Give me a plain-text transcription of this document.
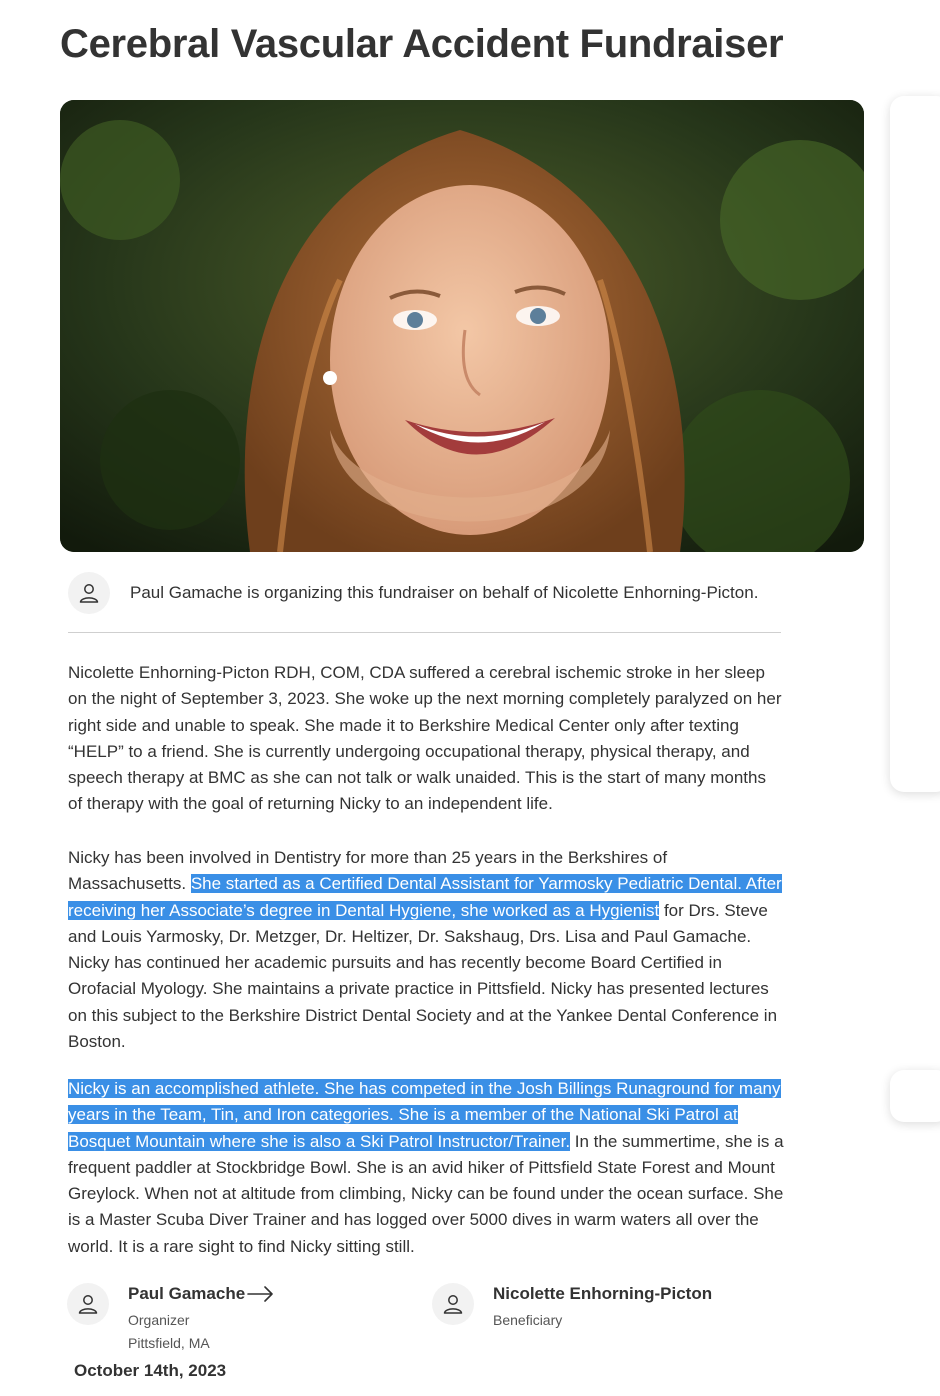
Cerebral Vascular Accident Fundraiser
Paul Gamache is organizing this fundraiser on behalf of Nicolette Enhorning-Picton.

Nicolette Enhorning-Picton RDH, COM, CDA suffered a cerebral ischemic stroke in her sleep on the night of September 3, 2023. She woke up the next morning completely paralyzed on her right side and unable to speak. She made it to Berkshire Medical Center only after texting “HELP” to a friend. She is currently undergoing occupational therapy, physical therapy, and speech therapy at BMC as she can not talk or walk unaided. This is the start of many months of therapy with the goal of returning Nicky to an independent life.

Nicky has been involved in Dentistry for more than 25 years in the Berkshires of Massachusetts. She started as a Certified Dental Assistant for Yarmosky Pediatric Dental. After receiving her Associate’s degree in Dental Hygiene, she worked as a Hygienist for Drs. Steve and Louis Yarmosky, Dr. Metzger, Dr. Heltizer, Dr. Sakshaug, Drs. Lisa and Paul Gamache. Nicky has continued her academic pursuits and has recently become Board Certified in Orofacial Myology. She maintains a private practice in Pittsfield. Nicky has presented lectures on this subject to the Berkshire District Dental Society and at the Yankee Dental Conference in Boston.

Nicky is an accomplished athlete. She has competed in the Josh Billings Runaground for many years in the Team, Tin, and Iron categories. She is a member of the National Ski Patrol at Bosquet Mountain where she is also a Ski Patrol Instructor/Trainer. In the summertime, she is a frequent paddler at Stockbridge Bowl. She is an avid hiker of Pittsfield State Forest and Mount Greylock. When not at altitude from climbing, Nicky can be found under the ocean surface. She is a Master Scuba Diver Trainer and has logged over 5000 dives in warm waters all over the world. It is a rare sight to find Nicky sitting still.

Paul Gamache
Organizer
Pittsfield, MA
Nicolette Enhorning-Picton
Beneficiary
October 14th, 2023
